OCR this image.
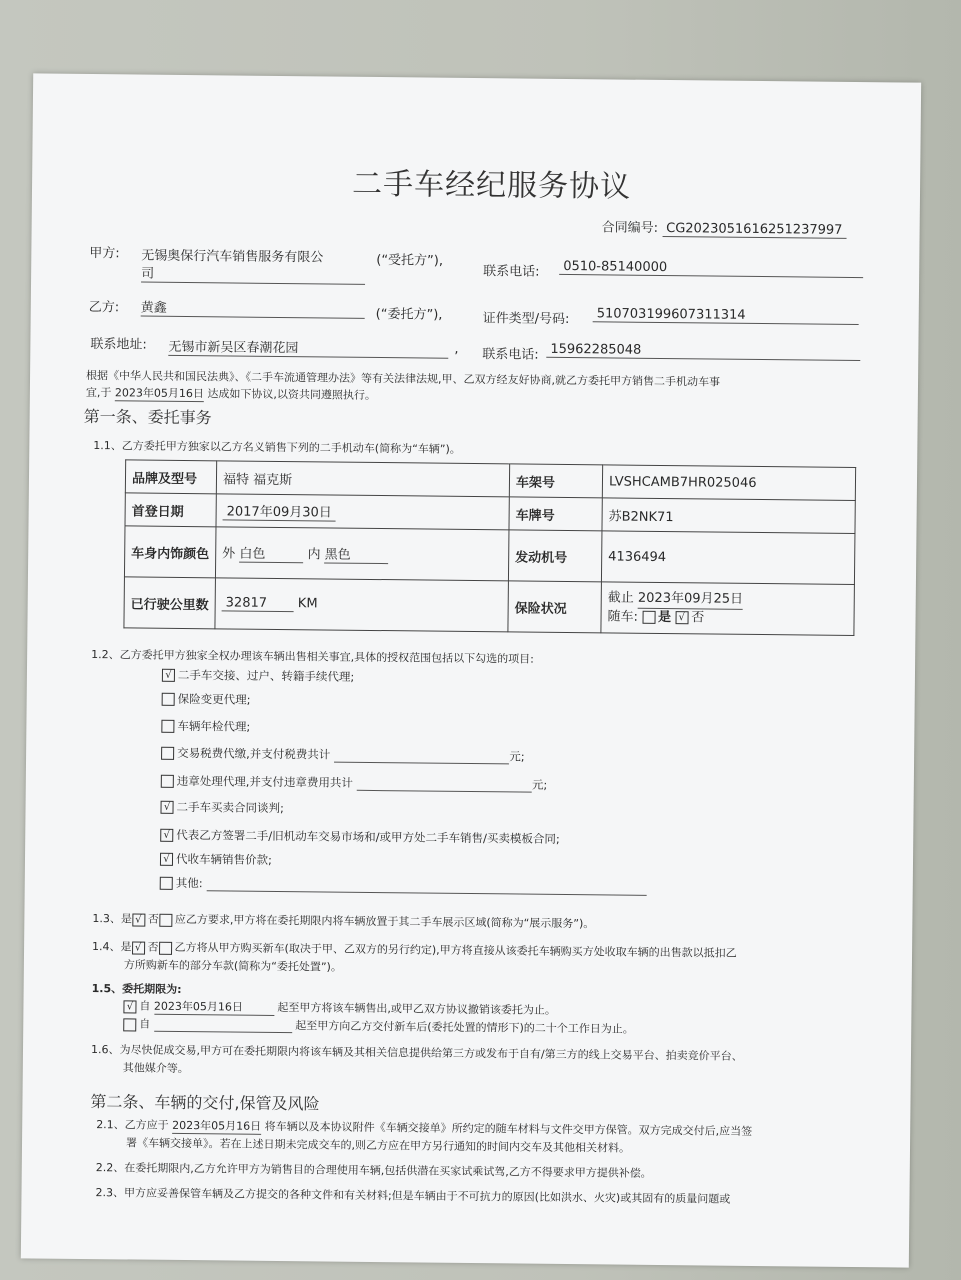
二手车经纪服务协议
合同编号: CG2023051616251237997
甲方: 无锡奥保行汽车销售服务有限公
司
(“受托方”),
联系电话:	0510-85140000
乙方: 黄鑫	(“委托方”),	证件类型/号码:	510703199607311314
联系地址: 无锡市新吴区春潮花园	, 联系电话: 15962285048
根据《中华人民共和国民法典》、《二手车流通管理办法》等有关法律法规,甲、乙双方经友好协商,就乙方委托甲方销售二手机动车事
宜,于 2023年05月16日 达成如下协议,以资共同遵照执行。
第一条、委托事务
1.1、乙方委托甲方独家以乙方名义销售下列的二手机动车(简称为“车辆”)。
品牌及型号	福特 福克斯	车架号	LVSHCAMB7HR025046
首登日期	2017年09月30日	车牌号	苏B2NK71
车身内饰颜色	外 白色 内 黑色	发动机号	4136494
已行驶公里数	32817 KM	保险状况	截止 2023年09月25日
随车: 是 √ 否
1.2、乙方委托甲方独家全权办理该车辆出售相关事宜,具体的授权范围包括以下勾选的项目:
√ 二手车交接、过户、转籍手续代理;
保险变更代理;
车辆年检代理;
交易税费代缴,并支付税费共计	元;
违章处理代理,并支付违章费用共计	元;
√ 二手车买卖合同谈判;
√ 代表乙方签署二手/旧机动车交易市场和/或甲方处二手车销售/买卖模板合同;
√ 代收车辆销售价款;
其他:
1.3、是 √ 否 应乙方要求,甲方将在委托期限内将车辆放置于其二手车展示区域(简称为“展示服务”)。
1.4、是 √ 否 乙方将从甲方购买新车(取决于甲、乙双方的另行约定),甲方将直接从该委托车辆购买方处收取车辆的出售款以抵扣乙
方所购新车的部分车款(简称为“委托处置”)。
1.5、委托期限为:
√ 自 2023年05月16日	起至甲方将该车辆售出,或甲乙双方协议撤销该委托为止。
自	起至甲方向乙方交付新车后(委托处置的情形下)的二十个工作日为止。
1.6、为尽快促成交易,甲方可在委托期限内将该车辆及其相关信息提供给第三方或发布于自有/第三方的线上交易平台、拍卖竞价平台、
其他媒介等。
第二条、车辆的交付,保管及风险
2.1、乙方应于 2023年05月16日 将车辆以及本协议附件《车辆交接单》所约定的随车材料与文件交甲方保管。双方完成交付后,应当签
署《车辆交接单》。若在上述日期未完成交车的,则乙方应在甲方另行通知的时间内交车及其他相关材料。
2.2、在委托期限内,乙方允许甲方为销售目的合理使用车辆,包括供潜在买家试乘试驾,乙方不得要求甲方提供补偿。
2.3、甲方应妥善保管车辆及乙方提交的各种文件和有关材料;但是车辆由于不可抗力的原因(比如洪水、火灾)或其固有的质量问题或
